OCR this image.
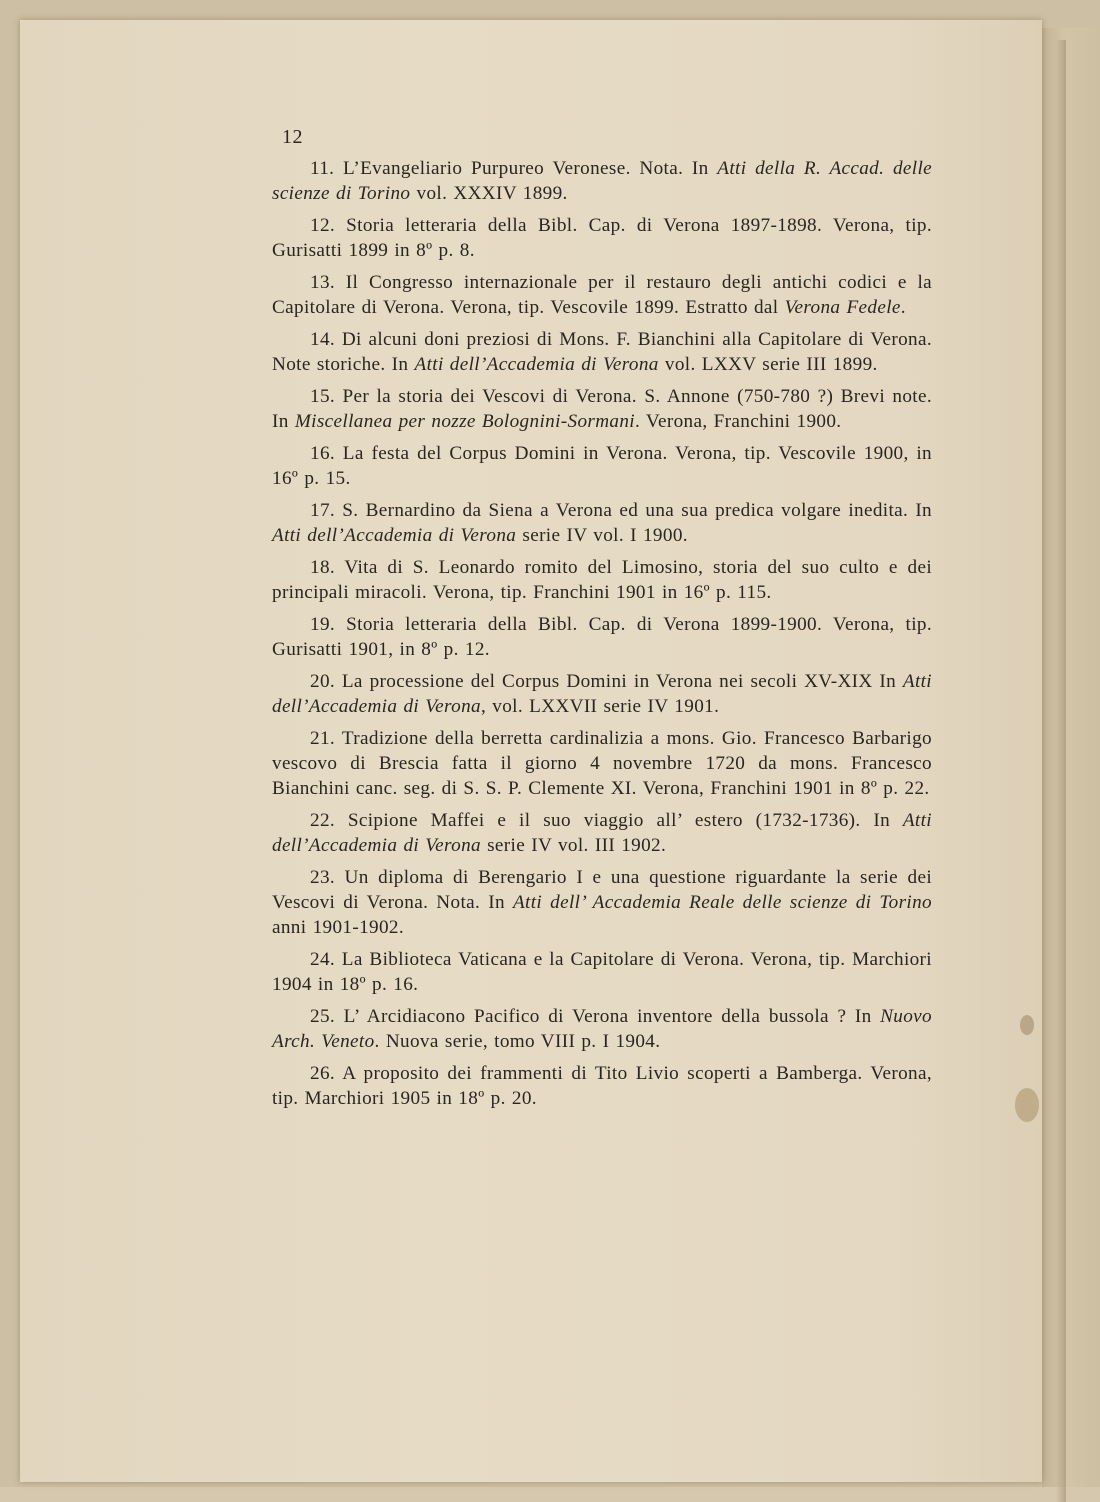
12

11. L’Evangeliario Purpureo Veronese. Nota. In Atti della R. Accad. delle scienze di Torino vol. XXXIV 1899.

12. Storia letteraria della Bibl. Cap. di Verona 1897-1898. Verona, tip. Gurisatti 1899 in 8º p. 8.

13. Il Congresso internazionale per il restauro degli antichi codici e la Capitolare di Verona. Verona, tip. Vescovile 1899. Estratto dal Verona Fedele.

14. Di alcuni doni preziosi di Mons. F. Bianchini alla Capitolare di Verona. Note storiche. In Atti dell’Accademia di Verona vol. LXXV serie III 1899.

15. Per la storia dei Vescovi di Verona. S. Annone (750-780 ?) Brevi note. In Miscellanea per nozze Bolognini-Sormani. Verona, Franchini 1900.

16. La festa del Corpus Domini in Verona. Verona, tip. Vescovile 1900, in 16º p. 15.

17. S. Bernardino da Siena a Verona ed una sua predica volgare inedita. In Atti dell’Accademia di Verona serie IV vol. I 1900.

18. Vita di S. Leonardo romito del Limosino, storia del suo culto e dei principali miracoli. Verona, tip. Franchini 1901 in 16º p. 115.

19. Storia letteraria della Bibl. Cap. di Verona 1899-1900. Verona, tip. Gurisatti 1901, in 8º p. 12.

20. La processione del Corpus Domini in Verona nei secoli XV-XIX In Atti dell’Accademia di Verona, vol. LXXVII serie IV 1901.

21. Tradizione della berretta cardinalizia a mons. Gio. Francesco Barbarigo vescovo di Brescia fatta il giorno 4 novembre 1720 da mons. Francesco Bianchini canc. seg. di S. S. P. Clemente XI. Verona, Franchini 1901 in 8º p. 22.

22. Scipione Maffei e il suo viaggio all’ estero (1732-1736). In Atti dell’Accademia di Verona serie IV vol. III 1902.

23. Un diploma di Berengario I e una questione riguardante la serie dei Vescovi di Verona. Nota. In Atti dell’ Accademia Reale delle scienze di Torino anni 1901-1902.

24. La Biblioteca Vaticana e la Capitolare di Verona. Verona, tip. Marchiori 1904 in 18º p. 16.

25. L’ Arcidiacono Pacifico di Verona inventore della bussola ? In Nuovo Arch. Veneto. Nuova serie, tomo VIII p. I 1904.

26. A proposito dei frammenti di Tito Livio scoperti a Bamberga. Verona, tip. Marchiori 1905 in 18º p. 20.
